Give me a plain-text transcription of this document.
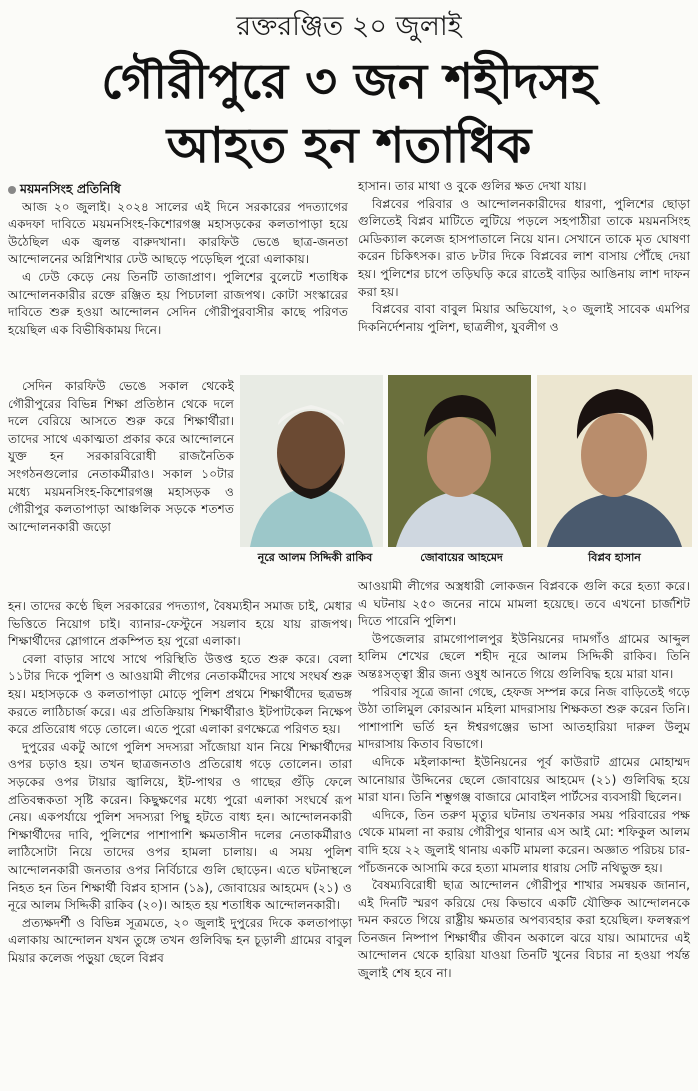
রক্তরঞ্জিত ২০ জুলাই
গৌরীপুরে ৩ জন শহীদসহ
আহত হন শতাধিক

ময়মনসিংহ প্রতিনিধি

আজ ২০ জুলাই। ২০২৪ সালের এই দিনে সরকারের পদত্যাগের একদফা দাবিতে ময়মনসিংহ-কিশোরগঞ্জ মহাসড়কের কলতাপাড়া হয়ে উঠেছিল এক জ্বলন্ত বারুদখানা। কারফিউ ভেঙে ছাত্র-জনতা আন্দোলনের অগ্নিশিখার ঢেউ আছড়ে পড়েছিল পুরো এলাকায়।

এ ঢেউ কেড়ে নেয় তিনটি তাজাপ্রাণ। পুলিশের বুলেটে শতাধিক আন্দোলনকারীর রক্তে রঞ্জিত হয় পিচঢালা রাজপথ। কোটা সংস্কারের দাবিতে শুরু হওয়া আন্দোলন সেদিন গৌরীপুরবাসীর কাছে পরিণত হয়েছিল এক বিভীষিকাময় দিনে।

সেদিন কারফিউ ভেঙে সকাল থেকেই গৌরীপুরের বিভিন্ন শিক্ষা প্রতিষ্ঠান থেকে দলে দলে বেরিয়ে আসতে শুরু করে শিক্ষার্থীরা। তাদের সাথে একাত্মতা প্রকার করে আন্দোলনে যুক্ত হন সরকারবিরোধী রাজনৈতিক সংগঠনগুলোর নেতাকর্মীরাও। সকাল ১০টার মধ্যে ময়মনসিংহ-কিশোরগঞ্জ মহাসড়ক ও গৌরীপুর কলতাপাড়া আঞ্চলিক সড়কে শতশত আন্দোলনকারী জড়ো

হন। তাদের কণ্ঠে ছিল সরকারের পদত্যাগ, বৈষম্যহীন সমাজ চাই, মেধার ভিত্তিতে নিয়োগ চাই। ব্যানার-ফেস্টুনে সয়লাব হয়ে যায় রাজপথ। শিক্ষার্থীদের স্লোগানে প্রকম্পিত হয় পুরো এলাকা।

বেলা বাড়ার সাথে সাথে পরিস্থিতি উত্তপ্ত হতে শুরু করে। বেলা ১১টার দিকে পুলিশ ও আওয়ামী লীগের নেতাকর্মীদের সাথে সংঘর্ষ শুরু হয়। মহাসড়কে ও কলতাপাড়া মোড়ে পুলিশ প্রথমে শিক্ষার্থীদের ছত্রভঙ্গ করতে লাঠিচার্জ করে। এর প্রতিক্রিয়ায় শিক্ষার্থীরাও ইটপাটকেল নিক্ষেপ করে প্রতিরোধ গড়ে তোলে। এতে পুরো এলাকা রণক্ষেত্রে পরিণত হয়।

দুপুরের একটু আগে পুলিশ সদস্যরা সাঁজোয়া যান নিয়ে শিক্ষার্থীদের ওপর চড়াও হয়। তখন ছাত্রজনতাও প্রতিরোধ গড়ে তোলেন। তারা সড়কের ওপর টায়ার জ্বালিয়ে, ইট-পাথর ও গাছের গুঁড়ি ফেলে প্রতিবন্ধকতা সৃষ্টি করেন। কিছুক্ষণের মধ্যে পুরো এলাকা সংঘর্ষে রূপ নেয়। একপর্যায়ে পুলিশ সদস্যরা পিছু হটতে বাধ্য হন। আন্দোলনকারী শিক্ষার্থীদের দাবি, পুলিশের পাশাপাশি ক্ষমতাসীন দলের নেতাকর্মীরাও লাঠিসোটা নিয়ে তাদের ওপর হামলা চালায়। এ সময় পুলিশ আন্দোলনকারী জনতার ওপর নির্বিচারে গুলি ছোড়েন। এতে ঘটনাস্থলে নিহত হন তিন শিক্ষার্থী বিপ্লব হাসান (১৯), জোবায়ের আহমেদ (২১) ও নূরে আলম সিদ্দিকী রাকিব (২০)। আহত হয় শতাধিক আন্দোলনকারী।

প্রত্যক্ষদর্শী ও বিভিন্ন সূত্রমতে, ২০ জুলাই দুপুরের দিকে কলতাপাড়া এলাকায় আন্দোলন যখন তুঙ্গে তখন গুলিবিদ্ধ হন চূড়ালী গ্রামের বাবুল মিয়ার কলেজ পড়ুয়া ছেলে বিপ্লব

হাসান। তার মাথা ও বুকে গুলির ক্ষত দেখা যায়।

বিপ্লবের পরিবার ও আন্দোলনকারীদের ধারণা, পুলিশের ছোড়া গুলিতেই বিপ্লব মাটিতে লুটিয়ে পড়লে সহপাঠীরা তাকে ময়মনসিংহ মেডিক্যাল কলেজ হাসপাতালে নিয়ে যান। সেখানে তাকে মৃত ঘোষণা করেন চিকিৎসক। রাত ৮টার দিকে বিপ্লবের লাশ বাসায় পৌঁছে দেয়া হয়। পুলিশের চাপে তড়িঘড়ি করে রাতেই বাড়ির আঙিনায় লাশ দাফন করা হয়।

বিপ্লবের বাবা বাবুল মিয়ার অভিযোগ, ২০ জুলাই সাবেক এমপির দিকনির্দেশনায় পুলিশ, ছাত্রলীগ, যুবলীগ ও

নূরে আলম সিদ্দিকী রাকিব	জোবায়ের আহমেদ	বিপ্লব হাসান

আওয়ামী লীগের অস্ত্রধারী লোকজন বিপ্লবকে গুলি করে হত্যা করে। এ ঘটনায় ২৫০ জনের নামে মামলা হয়েছে। তবে এখনো চার্জশিট দিতে পারেনি পুলিশ।

উপজেলার রামগোপালপুর ইউনিয়নের দামগাঁও গ্রামের আব্দুল হালিম শেখের ছেলে শহীদ নূরে আলম সিদ্দিকী রাকিব। তিনি অন্তঃসত্ত্বা স্ত্রীর জন্য ওষুধ আনতে গিয়ে গুলিবিদ্ধ হয়ে মারা যান।

পরিবার সূত্রে জানা গেছে, হেফজ সম্পন্ন করে নিজ বাড়িতেই গড়ে উঠা তালিমুল কোরআন মহিলা মাদরাসায় শিক্ষকতা শুরু করেন তিনি। পাশাপাশি ভর্তি হন ঈশ্বরগঞ্জের ভাসা আতহারিয়া দারুল উলুম মাদরাসায় কিতাব বিভাগে।

এদিকে মইলাকান্দা ইউনিয়নের পূর্ব কাউরাট গ্রামের মোহাম্মদ আনোয়ার উদ্দিনের ছেলে জোবায়ের আহমেদ (২১) গুলিবিদ্ধ হয়ে মারা যান। তিনি শম্ভুগঞ্জ বাজারে মোবাইল পার্টসের ব্যবসায়ী ছিলেন।

এদিকে, তিন তরুণ মৃত্যুর ঘটনায় তখনকার সময় পরিবারের পক্ষ থেকে মামলা না করায় গৌরীপুর থানার এস আই মো: শফিকুল আলম বাদি হয়ে ২২ জুলাই থানায় একটি মামলা করেন। অজ্ঞাত পরিচয় চার-পাঁচজনকে আসামি করে হত্যা মামলার ধারায় সেটি নথিভুক্ত হয়।

বৈষম্যবিরোধী ছাত্র আন্দোলন গৌরীপুর শাখার সমন্বয়ক জানান, এই দিনটি স্মরণ করিয়ে দেয় কিভাবে একটি যৌক্তিক আন্দোলনকে দমন করতে গিয়ে রাষ্ট্রীয় ক্ষমতার অপব্যবহার করা হয়েছিল। ফলস্বরূপ তিনজন নিষ্পাপ শিক্ষার্থীর জীবন অকালে ঝরে যায়। আমাদের এই আন্দোলন থেকে হারিয়া যাওয়া তিনটি খুনের বিচার না হওয়া পর্যন্ত জুলাই শেষ হবে না।
